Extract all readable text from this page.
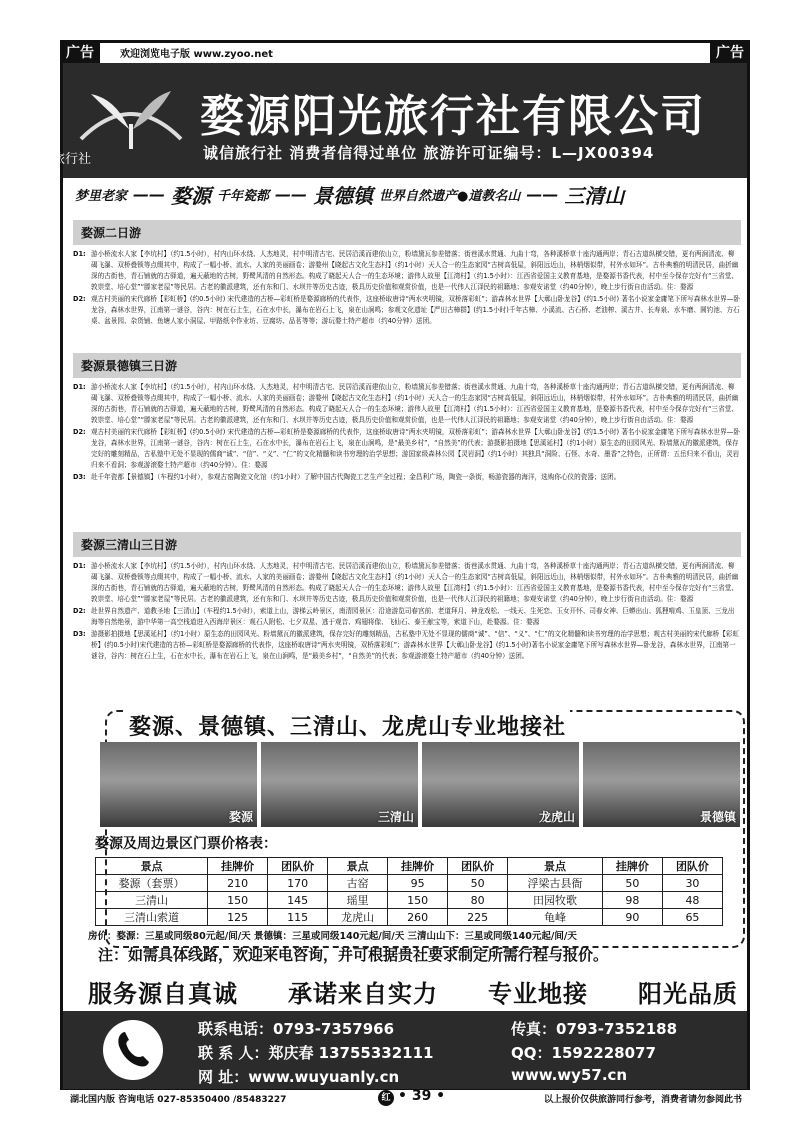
广告	广告
欢迎浏览电子版 www.zyoo.net
阳光旅行社
婺源阳光旅行社有限公司
诚信旅行社 消费者信得过单位 旅游许可证编号：L—JX00394
梦里老家 —— 婺源 千年瓷都 —— 景德镇 世界自然遗产●道教名山 —— 三清山
婺源二日游
D1: 游小桥流水人家【李坑村】（约1.5小时），村内山环水绕、人杰地灵，村中明清古宅、民居沿溪而建依山立，粉墙黛瓦参差错落；街巷溪水贯通、九曲十弯，各种溪桥草十座沟通两岸；青石古道纵横交错，更有两涧清流、柳碣飞瀑、双桥叠锁等点缀其中，构成了一幅小桥、流水、人家的美丽画卷；游婺州【晓起古文化生态村】（约1小时）天人合一的生态家园“古树高低屋，斜阳远近山，林梢烟似带，村外水如环”。古朴典雅的明清民居，曲折幽深的古街巷，青石铺就的古驿道，遍天蔽地的古树，野鹭风清的自然形态。构成了晓起天人合一的生态环境；游伟人故里【江湾村】（约1.5小时）：江西省爱国主义教育基地，是婺源书香代表，村中至今保存完好有“三省堂、敦崇堂、培心堂”“滕家老屋”等民居。古老的徽派建筑，还有东和门、水坝井等历史古迹，极具历史价值和观赏价值，也是一代伟人江泽民的祖籍地；参观安诺堂（约40分钟），晚上步行街自由活动。住：婺源
D2: 观古村美丽的宋代廊桥【彩虹桥】(约0.5小时) 宋代建造的古桥—彩虹桥是婺源廊桥的代表作，这座桥取唐诗“两水夹明镜，双桥落彩虹”；游森林水世界【大鄣山卧龙谷】(约1.5小时) 著名小说家金庸笔下所写森林水世界—卧龙谷，森林水世界，江南第一谜谷，谷内：树在石上生，石在水中长，瀑布在岩石上飞，泉在山涧鸣；参观文化遗址【严田古樟群】(约1.5小时)千年古樟、小溪流、古石桥、老油榨、溪古井、长寿泉、水车磨、圆钓池、方石桌、盆景园、杂货铺、鱼塘人家小洞屋、甲路纸伞作业坊、豆腐坊、品茗等等；游玩婺土特产超市（约40分钟）送团。
婺源景德镇三日游
D1: 游小桥流水人家【李坑村】（约1.5小时），村内山环水绕、人杰地灵，村中明清古宅、民居沿溪而建依山立，粉墙黛瓦参差错落；街巷溪水贯通、九曲十弯，各种溪桥草十座沟通两岸；青石古道纵横交错，更有两涧清流、柳碣飞瀑、双桥叠锁等点缀其中，构成了一幅小桥、流水、人家的美丽画卷；游婺州【晓起古文化生态村】（约1小时）天人合一的生态家园“古树高低屋，斜阳远近山，林梢烟似带，村外水如环”。古朴典雅的明清民居，曲折幽深的古街巷，青石铺就的古驿道，遍天蔽地的古树，野鹭风清的自然形态。构成了晓起天人合一的生态环境；游伟人故里【江湾村】（约1.5小时）：江西省爱国主义教育基地，是婺源书香代表，村中至今保存完好有“三省堂、敦崇堂、培心堂”“滕家老屋”等民居。古老的徽派建筑，还有东和门、水坝井等历史古迹，极具历史价值和观赏价值，也是一代伟人江泽民的祖籍地；参观安诺堂（约40分钟），晚上步行街自由活动。住：婺源
D2: 观古村美丽的宋代廊桥【彩虹桥】(约0.5小时) 宋代建造的古桥—彩虹桥是婺源廊桥的代表作，这座桥取唐诗“两水夹明镜，双桥落彩虹”；游森林水世界【大鄣山卧龙谷】(约1.5小时) 著名小说家金庸笔下所写森林水世界—卧龙谷，森林水世界，江南第一谜谷，谷内：树在石上生，石在水中长，瀑布在岩石上飞，泉在山涧鸣，是“最美乡村”，“自然美”的代表；游摄影拍摄地【思溪延村】（约1小时）原生态的田园风光、粉墙黛瓦的徽派建筑，保存完好的雕刻精品，古私塾中无处不显现的儒商“诚”、“信”、“义”、“仁”的文化精髓和读书穷理的治学思想；游国家级森林公园【灵岩洞】（约1小时）其独具“洞险、石怪、水奇、墨香”之特色，正所谓：五岳归来不看山，灵岩归来不看洞；参观游滚婺土特产超市（约40分钟）。住：婺源
D3: 赴千年瓷都【景德镇】（车程约1小时），参观古窑陶瓷文化馆（约1小时）了解中国古代陶瓷工艺生产全过程；金昌利广场，陶瓷一条街，畅游瓷器的海洋，选购你心仪的瓷器；送团。
婺源三清山三日游
D1: 游小桥流水人家【李坑村】（约1.5小时），村内山环水绕、人杰地灵，村中明清古宅、民居沿溪而建依山立，粉墙黛瓦参差错落；街巷溪水贯通、九曲十弯，各种溪桥草十座沟通两岸；青石古道纵横交错，更有两涧清流、柳碣飞瀑、双桥叠锁等点缀其中，构成了一幅小桥、流水、人家的美丽画卷；游婺州【晓起古文化生态村】（约1小时）天人合一的生态家园“古树高低屋，斜阳远近山，林梢烟似带，村外水如环”。古朴典雅的明清民居，曲折幽深的古街巷，青石铺就的古驿道，遍天蔽地的古树，野鹭风清的自然形态。构成了晓起天人合一的生态环境；游伟人故里【江湾村】（约1.5小时）：江西省爱国主义教育基地，是婺源书香代表，村中至今保存完好有“三省堂、敦崇堂、培心堂”“滕家老屋”等民居。古老的徽派建筑，还有东和门、水坝井等历史古迹，极具历史价值和观赏价值，也是一代伟人江泽民的祖籍地；参观安诺堂（约40分钟），晚上步行街自由活动。住：婺源
D2: 赴世界自然遗产、道教圣地【三清山】（车程约1.5小时），索道上山，游梯云岭景区，南清园景区：沿途游览司春宫前、老道拜月、神龙戏松、一线天、生死恋、玉女开怀、司春女神、巨蟒出山、狐狸啃鸡、玉皇顶、三龙出海等自然绝景，游中华第一高空栈道进入西海岸景区：观石人附松、七夕双星、逃于观音、鸡翅将像、飞仙石、泰王献宝等，索道下山，赴婺源。住：婺源
D3: 游摄影拍摄地【思溪延村】（约1小时）原生态的田园风光、粉墙黛瓦的徽派建筑，保存完好的雕刻精品，古私塾中无处不显现的儒商“诚”、“信”、“义”、“仁”的文化精髓和读书穷理的治学思想；观古村美丽的宋代廊桥【彩虹桥】(约0.5小时)宋代建造的古桥—彩虹桥是婺源廊桥的代表作，这座桥取唐诗“两水夹明镜，双桥落彩虹”；游森林水世界【大鄣山卧龙谷】(约1.5小时)著名小说家金庸笔下所写森林水世界—卧龙谷，森林水世界，江南第一谜谷，谷内：树在石上生，石在水中长，瀑布在岩石上飞，泉在山涧鸣，是“最美乡村”，“自然美”的代表；参观游滚婺土特产超市（约40分钟）送团。
婺源、景德镇、三清山、龙虎山专业地接社
婺源	三清山	龙虎山	景德镇
婺源及周边景区门票价格表：
景点	挂牌价	团队价	景点	挂牌价	团队价	景点	挂牌价	团队价
婺源（套票）	210	170	古窑	95	50	浮梁古县衙	50	30
三清山	150	145	瑶里	150	80	田园牧歌	98	48
三清山索道	125	115	龙虎山	260	225	龟峰	90	65
房价：婺源：三星或同级80元起/间/天 景德镇：三星或同级140元起/间/天 三清山山下：三星或同级140元起/间/天
注：如需具体线路，欢迎来电咨询，并可根据贵社要求制定所需行程与报价。
服务源自真诚 承诺来自实力 专业地接 阳光品质
联系电话：0793-7357966	传真：0793-7352188
联 系 人：郑庆春 13755332111	QQ：1592228077
网 址：www.wuyuanly.cn	www.wy57.cn
湖北国内版 咨询电话 027-85350400 /85483227	红 • 39 •	以上报价仅供旅游同行参考，消费者请勿参阅此书
